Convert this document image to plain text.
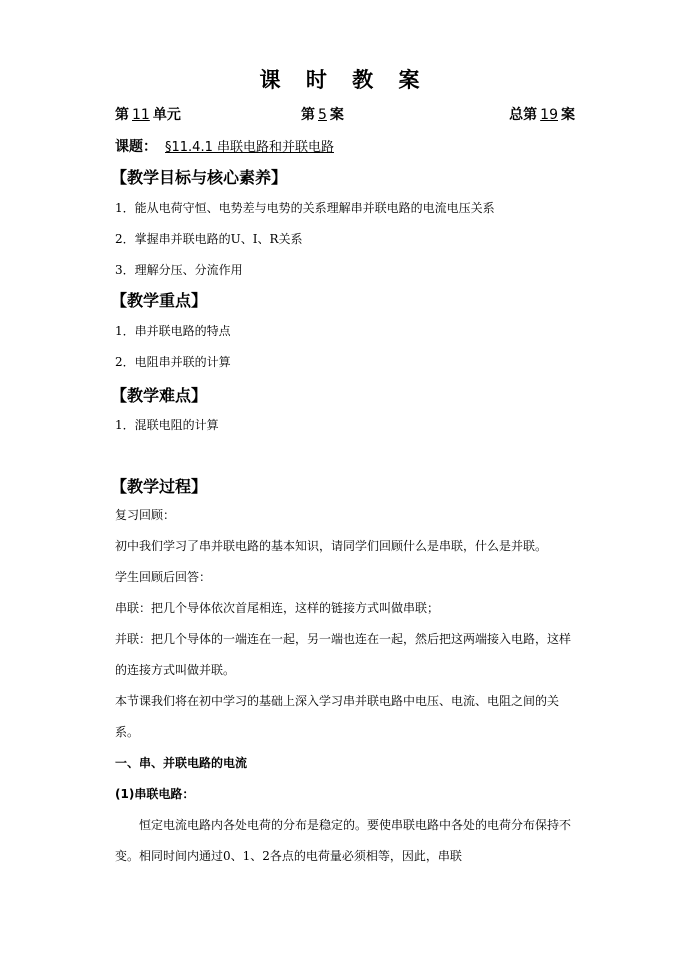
课 时 教 案
第 11 单元	第 5 案	总第 19 案
课题： §11.4.1 串联电路和并联电路
【教学目标与核心素养】
1．能从电荷守恒、电势差与电势的关系理解串并联电路的电流电压关系
2．掌握串并联电路的U、I、R关系
3．理解分压、分流作用
【教学重点】
1．串并联电路的特点
2．电阻串并联的计算
【教学难点】
1．混联电阻的计算
【教学过程】
复习回顾：
初中我们学习了串并联电路的基本知识，请同学们回顾什么是串联，什么是并联。
学生回顾后回答：
串联：把几个导体依次首尾相连，这样的链接方式叫做串联；
并联：把几个导体的一端连在一起，另一端也连在一起，然后把这两端接入电路，这样的连接方式叫做并联。
本节课我们将在初中学习的基础上深入学习串并联电路中电压、电流、电阻之间的关系。
一、串、并联电路的电流
(1)串联电路：
恒定电流电路内各处电荷的分布是稳定的。要使串联电路中各处的电荷分布保持不变。相同时间内通过0、1、2各点的电荷量必须相等，因此，串联
